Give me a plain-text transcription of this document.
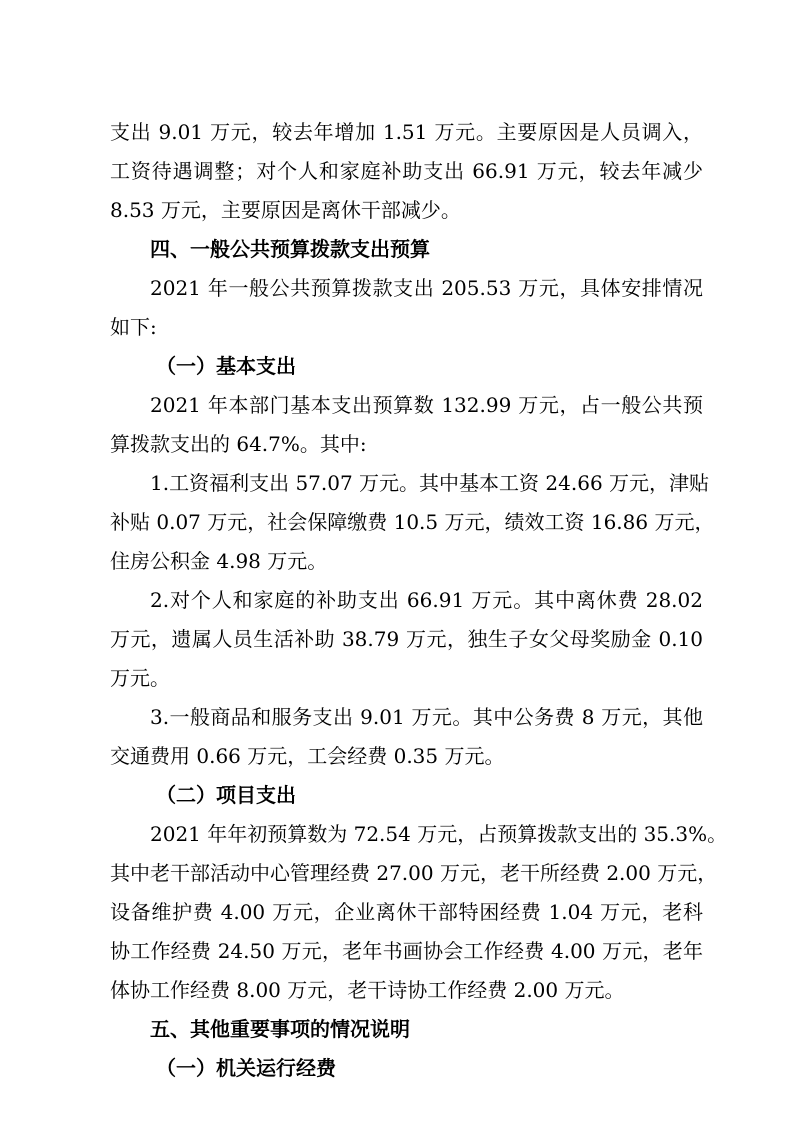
支出 9.01 万元，较去年增加 1.51 万元。主要原因是人员调入，
工资待遇调整；对个人和家庭补助支出 66.91 万元，较去年减少
8.53 万元，主要原因是离休干部减少。
四、一般公共预算拨款支出预算
2021 年一般公共预算拨款支出 205.53 万元，具体安排情况
如下:
（一）基本支出
2021 年本部门基本支出预算数 132.99 万元，占一般公共预
算拨款支出的 64.7%。其中:
1.工资福利支出 57.07 万元。其中基本工资 24.66 万元，津贴
补贴 0.07 万元，社会保障缴费 10.5 万元，绩效工资 16.86 万元，
住房公积金 4.98 万元。
2.对个人和家庭的补助支出 66.91 万元。其中离休费 28.02
万元，遗属人员生活补助 38.79 万元，独生子女父母奖励金 0.10
万元。
3.一般商品和服务支出 9.01 万元。其中公务费 8 万元，其他
交通费用 0.66 万元，工会经费 0.35 万元。
（二）项目支出
2021 年年初预算数为 72.54 万元，占预算拨款支出的 35.3%。
其中老干部活动中心管理经费 27.00 万元，老干所经费 2.00 万元，
设备维护费 4.00 万元，企业离休干部特困经费 1.04 万元，老科
协工作经费 24.50 万元，老年书画协会工作经费 4.00 万元，老年
体协工作经费 8.00 万元，老干诗协工作经费 2.00 万元。
五、其他重要事项的情况说明
（一）机关运行经费
